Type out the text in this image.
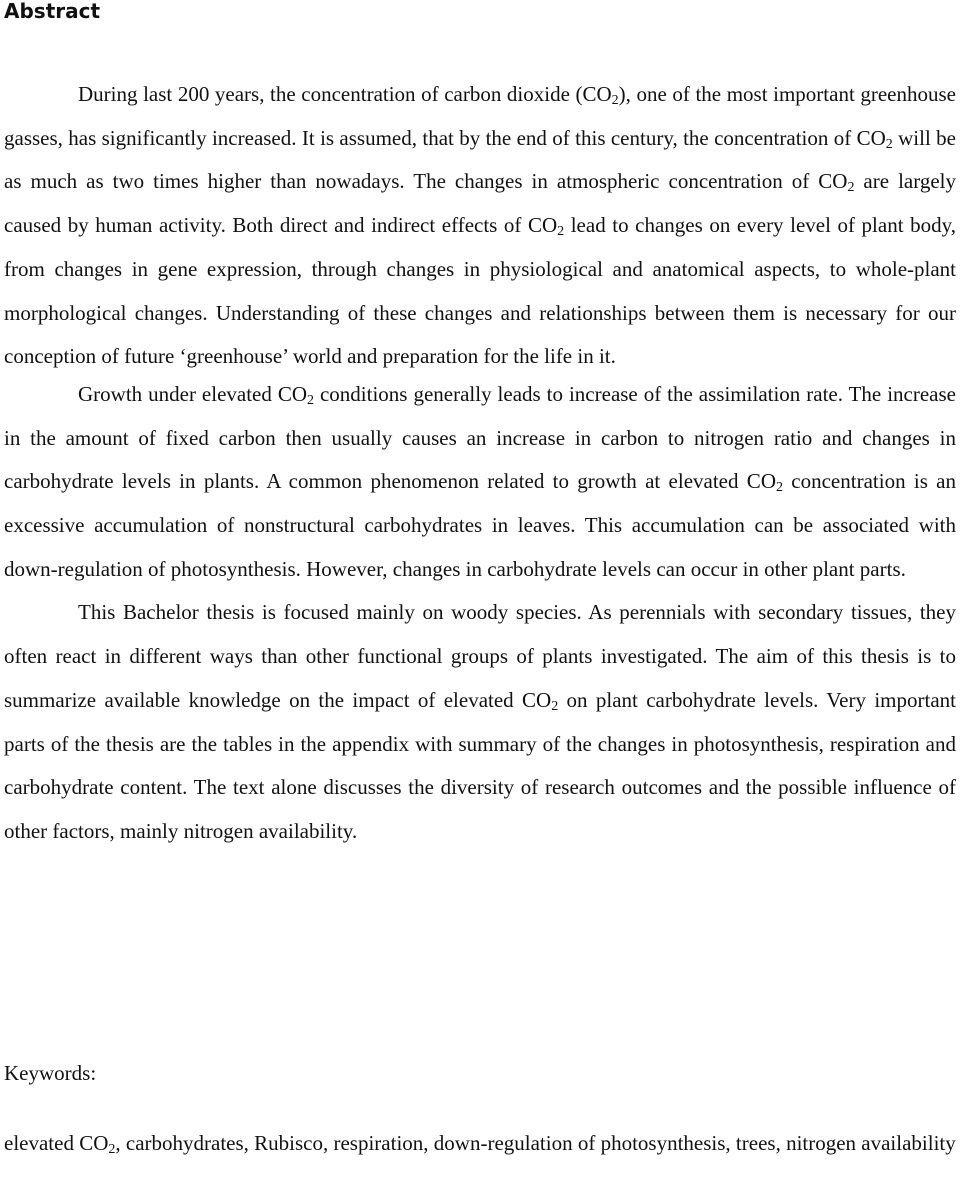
Abstract

During last 200 years, the concentration of carbon dioxide $(CO_2)$, one of the most important greenhouse gasses, has significantly increased. It is assumed, that by the end of this century, the concentration of $CO_2$ will be as much as two times higher than nowadays. The changes in atmospheric concentration of $CO_2$ are largely caused by human activity. Both direct and indirect effects of $CO_2$ lead to changes on every level of plant body, from changes in gene expression, through changes in physiological and anatomical aspects, to whole-plant morphological changes. Understanding of these changes and relationships between them is necessary for our conception of future ‘greenhouse’ world and preparation for the life in it.

Growth under elevated $CO_2$ conditions generally leads to increase of the assimilation rate. The increase in the amount of fixed carbon then usually causes an increase in carbon to nitrogen ratio and changes in carbohydrate levels in plants. A common phenomenon related to growth at elevated $CO_2$ concentration is an excessive accumulation of nonstructural carbohydrates in leaves. This accumulation can be associated with down-regulation of photosynthesis. However, changes in carbohydrate levels can occur in other plant parts.

This Bachelor thesis is focused mainly on woody species. As perennials with secondary tissues, they often react in different ways than other functional groups of plants investigated. The aim of this thesis is to summarize available knowledge on the impact of elevated $CO_2$ on plant carbohydrate levels. Very important parts of the thesis are the tables in the appendix with summary of the changes in photosynthesis, respiration and carbohydrate content. The text alone discusses the diversity of research outcomes and the possible influence of other factors, mainly nitrogen availability.

Keywords:

elevated $CO_2$, carbohydrates, Rubisco, respiration, down-regulation of photosynthesis, trees, nitrogen availability
